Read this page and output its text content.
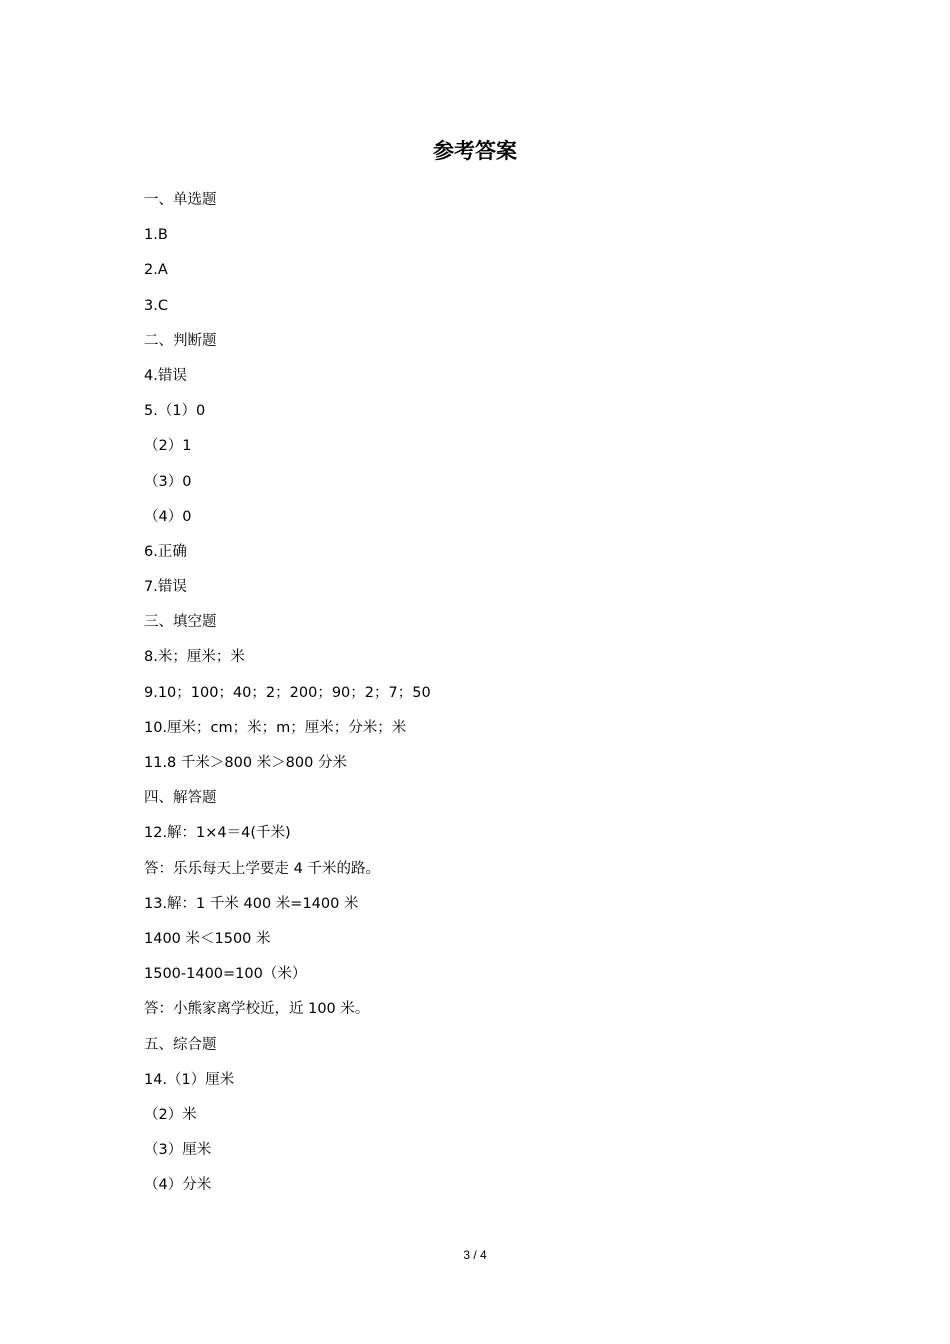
参考答案
一、单选题
1.B
2.A
3.C
二、判断题
4.错误
5.（1）0
（2）1
（3）0
（4）0
6.正确
7.错误
三、填空题
8.米；厘米；米
9.10；100；40；2；200；90；2；7；50
10.厘米；cm；米；m；厘米；分米；米
11.8 千米＞800 米＞800 分米
四、解答题
12.解：1×4＝4(千米)
答：乐乐每天上学要走 4 千米的路。
13.解：1 千米 400 米=1400 米
1400 米＜1500 米
1500-1400=100（米）
答：小熊家离学校近，近 100 米。
五、综合题
14.（1）厘米
（2）米
（3）厘米
（4）分米
3 / 4
